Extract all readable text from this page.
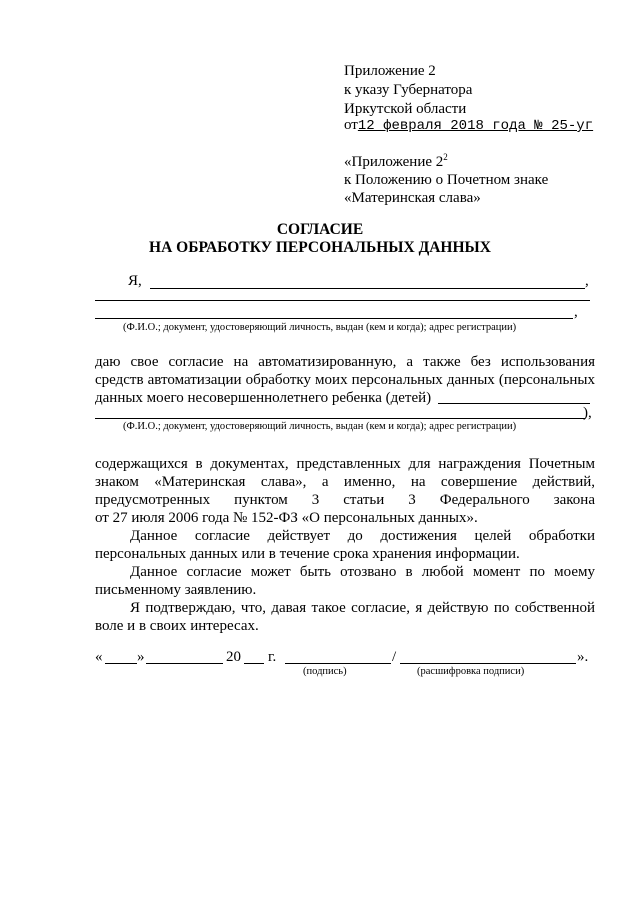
Приложение 2
к указу Губернатора
Иркутской области
от12 февраля 2018 года № 25-уг
«Приложение $2^2$
к Положению о Почетном знаке
«Материнская слава»
СОГЛАСИЕ
НА ОБРАБОТКУ ПЕРСОНАЛЬНЫХ ДАННЫХ
Я,	,
,
(Ф.И.О.; документ, удостоверяющий личность, выдан (кем и когда); адрес регистрации)
даю свое согласие на автоматизированную, а также без использования
средств автоматизации обработку моих персональных данных (персональных
данных моего несовершеннолетнего ребенка (детей)
),
(Ф.И.О.; документ, удостоверяющий личность, выдан (кем и когда); адрес регистрации)
содержащихся в документах, представленных для награждения Почетным
знаком «Материнская слава», а именно, на совершение действий,
предусмотренных пунктом 3 статьи 3 Федерального закона
от 27 июля 2006 года № 152-ФЗ «О персональных данных».
Данное согласие действует до достижения целей обработки
персональных данных или в течение срока хранения информации.
Данное согласие может быть отозвано в любой момент по моему
письменному заявлению.
Я подтверждаю, что, давая такое согласие, я действую по собственной
воле и в своих интересах.
« »	20 г.	/	».
(подпись)	(расшифровка подписи)
